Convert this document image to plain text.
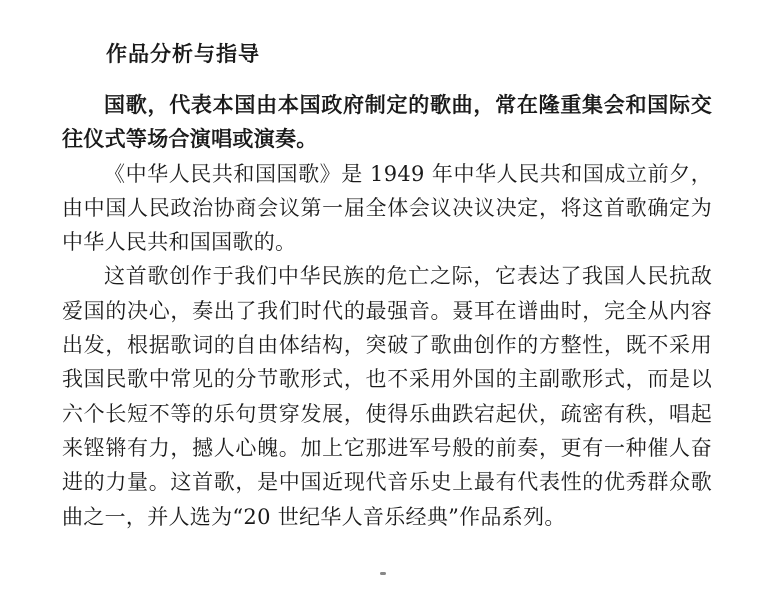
作品分析与指导

国歌，代表本国由本国政府制定的歌曲，常在隆重集会和国际交往仪式等场合演唱或演奏。

《中华人民共和国国歌》是 1949 年中华人民共和国成立前夕，由中国人民政治协商会议第一届全体会议决议决定，将这首歌确定为中华人民共和国国歌的。

这首歌创作于我们中华民族的危亡之际，它表达了我国人民抗敌爱国的决心，奏出了我们时代的最强音。聂耳在谱曲时，完全从内容出发，根据歌词的自由体结构，突破了歌曲创作的方整性，既不采用我国民歌中常见的分节歌形式，也不采用外国的主副歌形式，而是以六个长短不等的乐句贯穿发展，使得乐曲跌宕起伏，疏密有秩，唱起来铿锵有力，撼人心魄。加上它那进军号般的前奏，更有一种催人奋进的力量。这首歌，是中国近现代音乐史上最有代表性的优秀群众歌曲之一，并人选为“20 世纪华人音乐经典”作品系列。
